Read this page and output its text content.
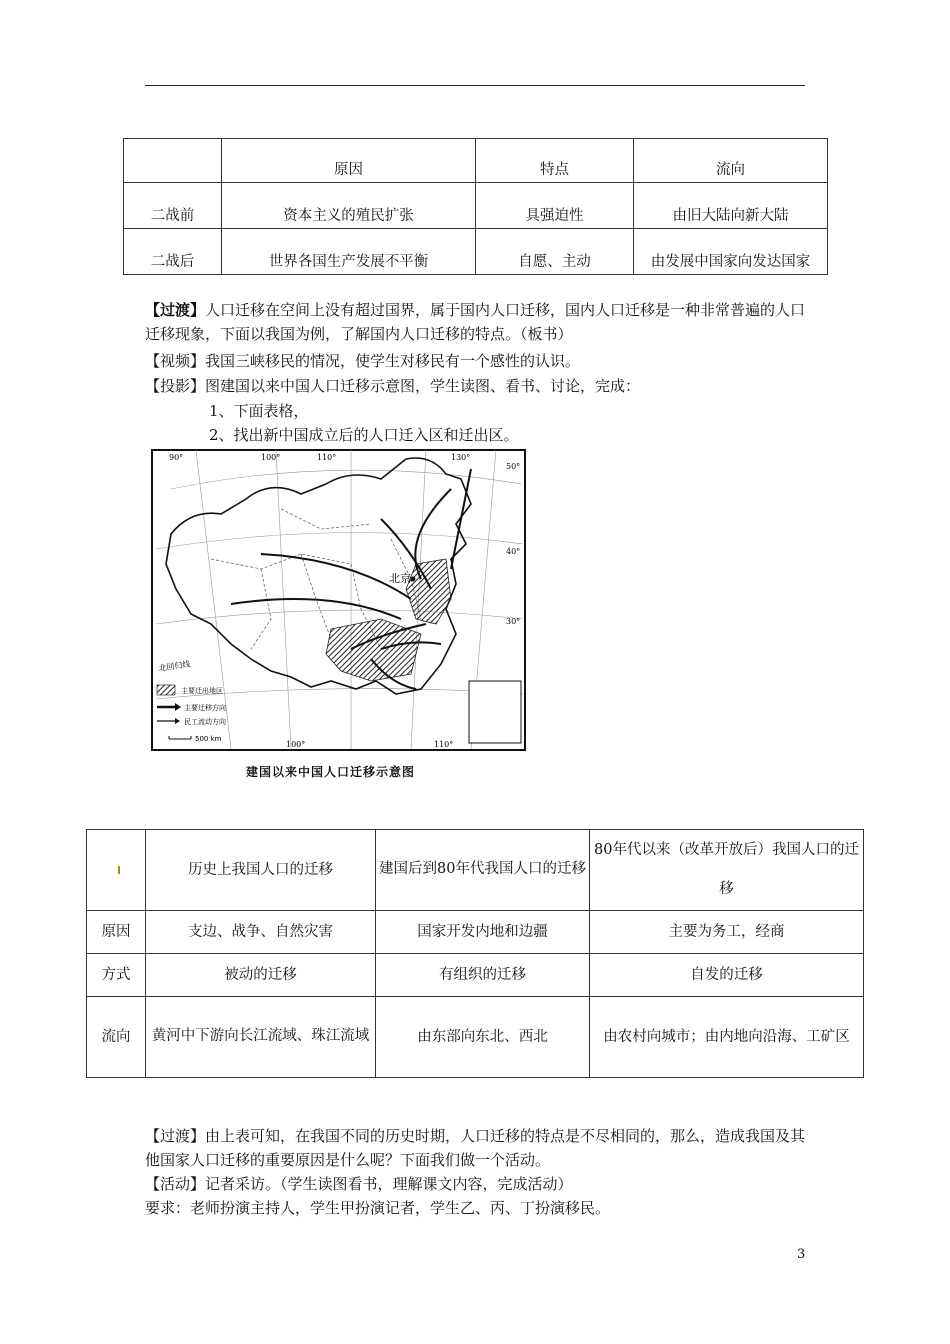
	原因	特点	流向
二战前	资本主义的殖民扩张	具强迫性	由旧大陆向新大陆
二战后	世界各国生产发展不平衡	自愿、主动	由发展中国家向发达国家

【过渡】人口迁移在空间上没有超过国界，属于国内人口迁移，国内人口迁移是一种非常普遍的人口迁移现象，下面以我国为例，了解国内人口迁移的特点。（板书）

【视频】我国三峡移民的情况，使学生对移民有一个感性的认识。

【投影】图建国以来中国人口迁移示意图，学生读图、看书、讨论，完成：

1、下面表格，

2、找出新中国成立后的人口迁入区和迁出区。

北京
北回归线
90°	100°	110°	130°
50°
40°
30°
100°	110°
主要迁出地区
主要迁移方向
民工流动方向
500 km
建国以来中国人口迁移示意图
	历史上我国人口的迁移	建国后到80年代我国人口的迁移	80年代以来（改革开放后）我国人口的迁移
原因	支边、战争、自然灾害	国家开发内地和边疆	主要为务工，经商
方式	被动的迁移	有组织的迁移	自发的迁移
流向	黄河中下游向长江流域、珠江流域	由东部向东北、西北	由农村向城市；由内地向沿海、工矿区

【过渡】由上表可知，在我国不同的历史时期，人口迁移的特点是不尽相同的，那么，造成我国及其他国家人口迁移的重要原因是什么呢？下面我们做一个活动。

【活动】记者采访。（学生读图看书，理解课文内容，完成活动）

要求：老师扮演主持人，学生甲扮演记者，学生乙、丙、丁扮演移民。

3
